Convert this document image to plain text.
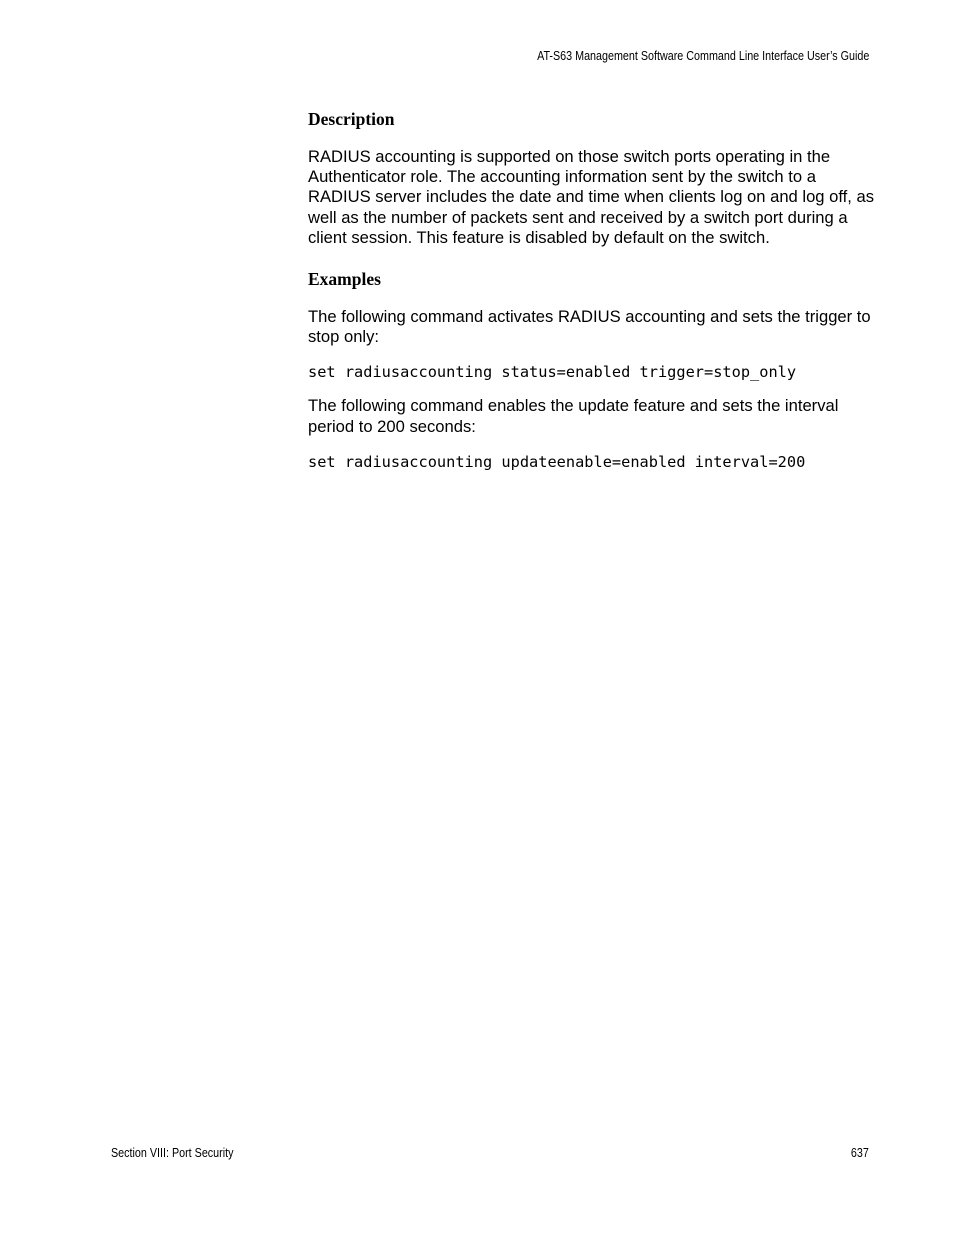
AT-S63 Management Software Command Line Interface User’s Guide
Description

RADIUS accounting is supported on those switch ports operating in the Authenticator role. The accounting information sent by the switch to a RADIUS server includes the date and time when clients log on and log off, as well as the number of packets sent and received by a switch port during a client session. This feature is disabled by default on the switch.

Examples

The following command activates RADIUS accounting and sets the trigger to stop only:

set radiusaccounting status=enabled trigger=stop_only

The following command enables the update feature and sets the interval period to 200 seconds:

set radiusaccounting updateenable=enabled interval=200
Section VIII: Port Security	637
